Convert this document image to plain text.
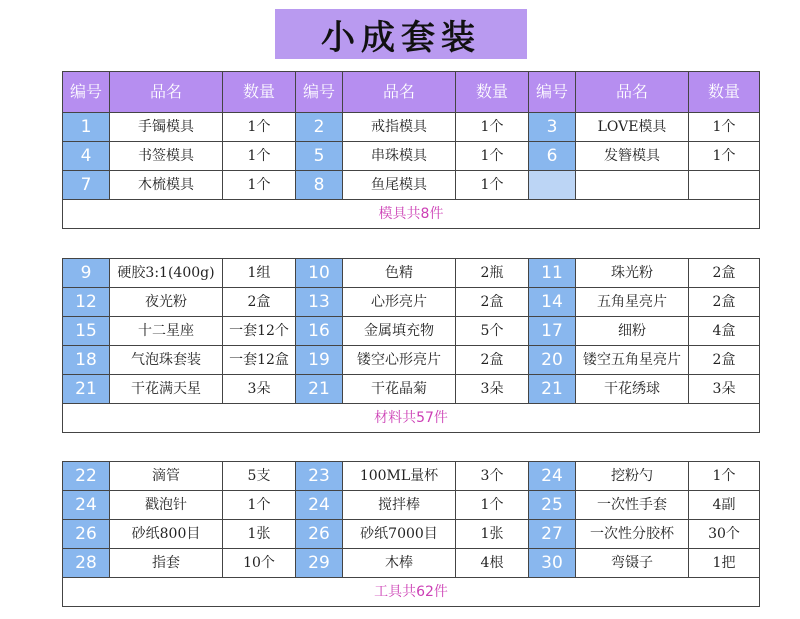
小成套装
编号	品名	数量	编号	品名	数量	编号	品名	数量
1	手镯模具	1个	2	戒指模具	1个	3	LOVE模具	1个
4	书签模具	1个	5	串珠模具	1个	6	发簪模具	1个
7	木梳模具	1个	8	鱼尾模具	1个			
模具共8件								
9	硬胶3:1(400g)	1组	10	色精	2瓶	11	珠光粉	2盒
12	夜光粉	2盒	13	心形亮片	2盒	14	五角星亮片	2盒
15	十二星座	一套12个	16	金属填充物	5个	17	细粉	4盒
18	气泡珠套装	一套12盒	19	镂空心形亮片	2盒	20	镂空五角星亮片	2盒
21	干花满天星	3朵	21	干花晶菊	3朵	21	干花绣球	3朵
材料共57件								
22	滴管	5支	23	100ML量杯	3个	24	挖粉勺	1个
24	戳泡针	1个	24	搅拌棒	1个	25	一次性手套	4副
26	砂纸800目	1张	26	砂纸7000目	1张	27	一次性分胶杯	30个
28	指套	10个	29	木棒	4根	30	弯镊子	1把
工具共62件								
